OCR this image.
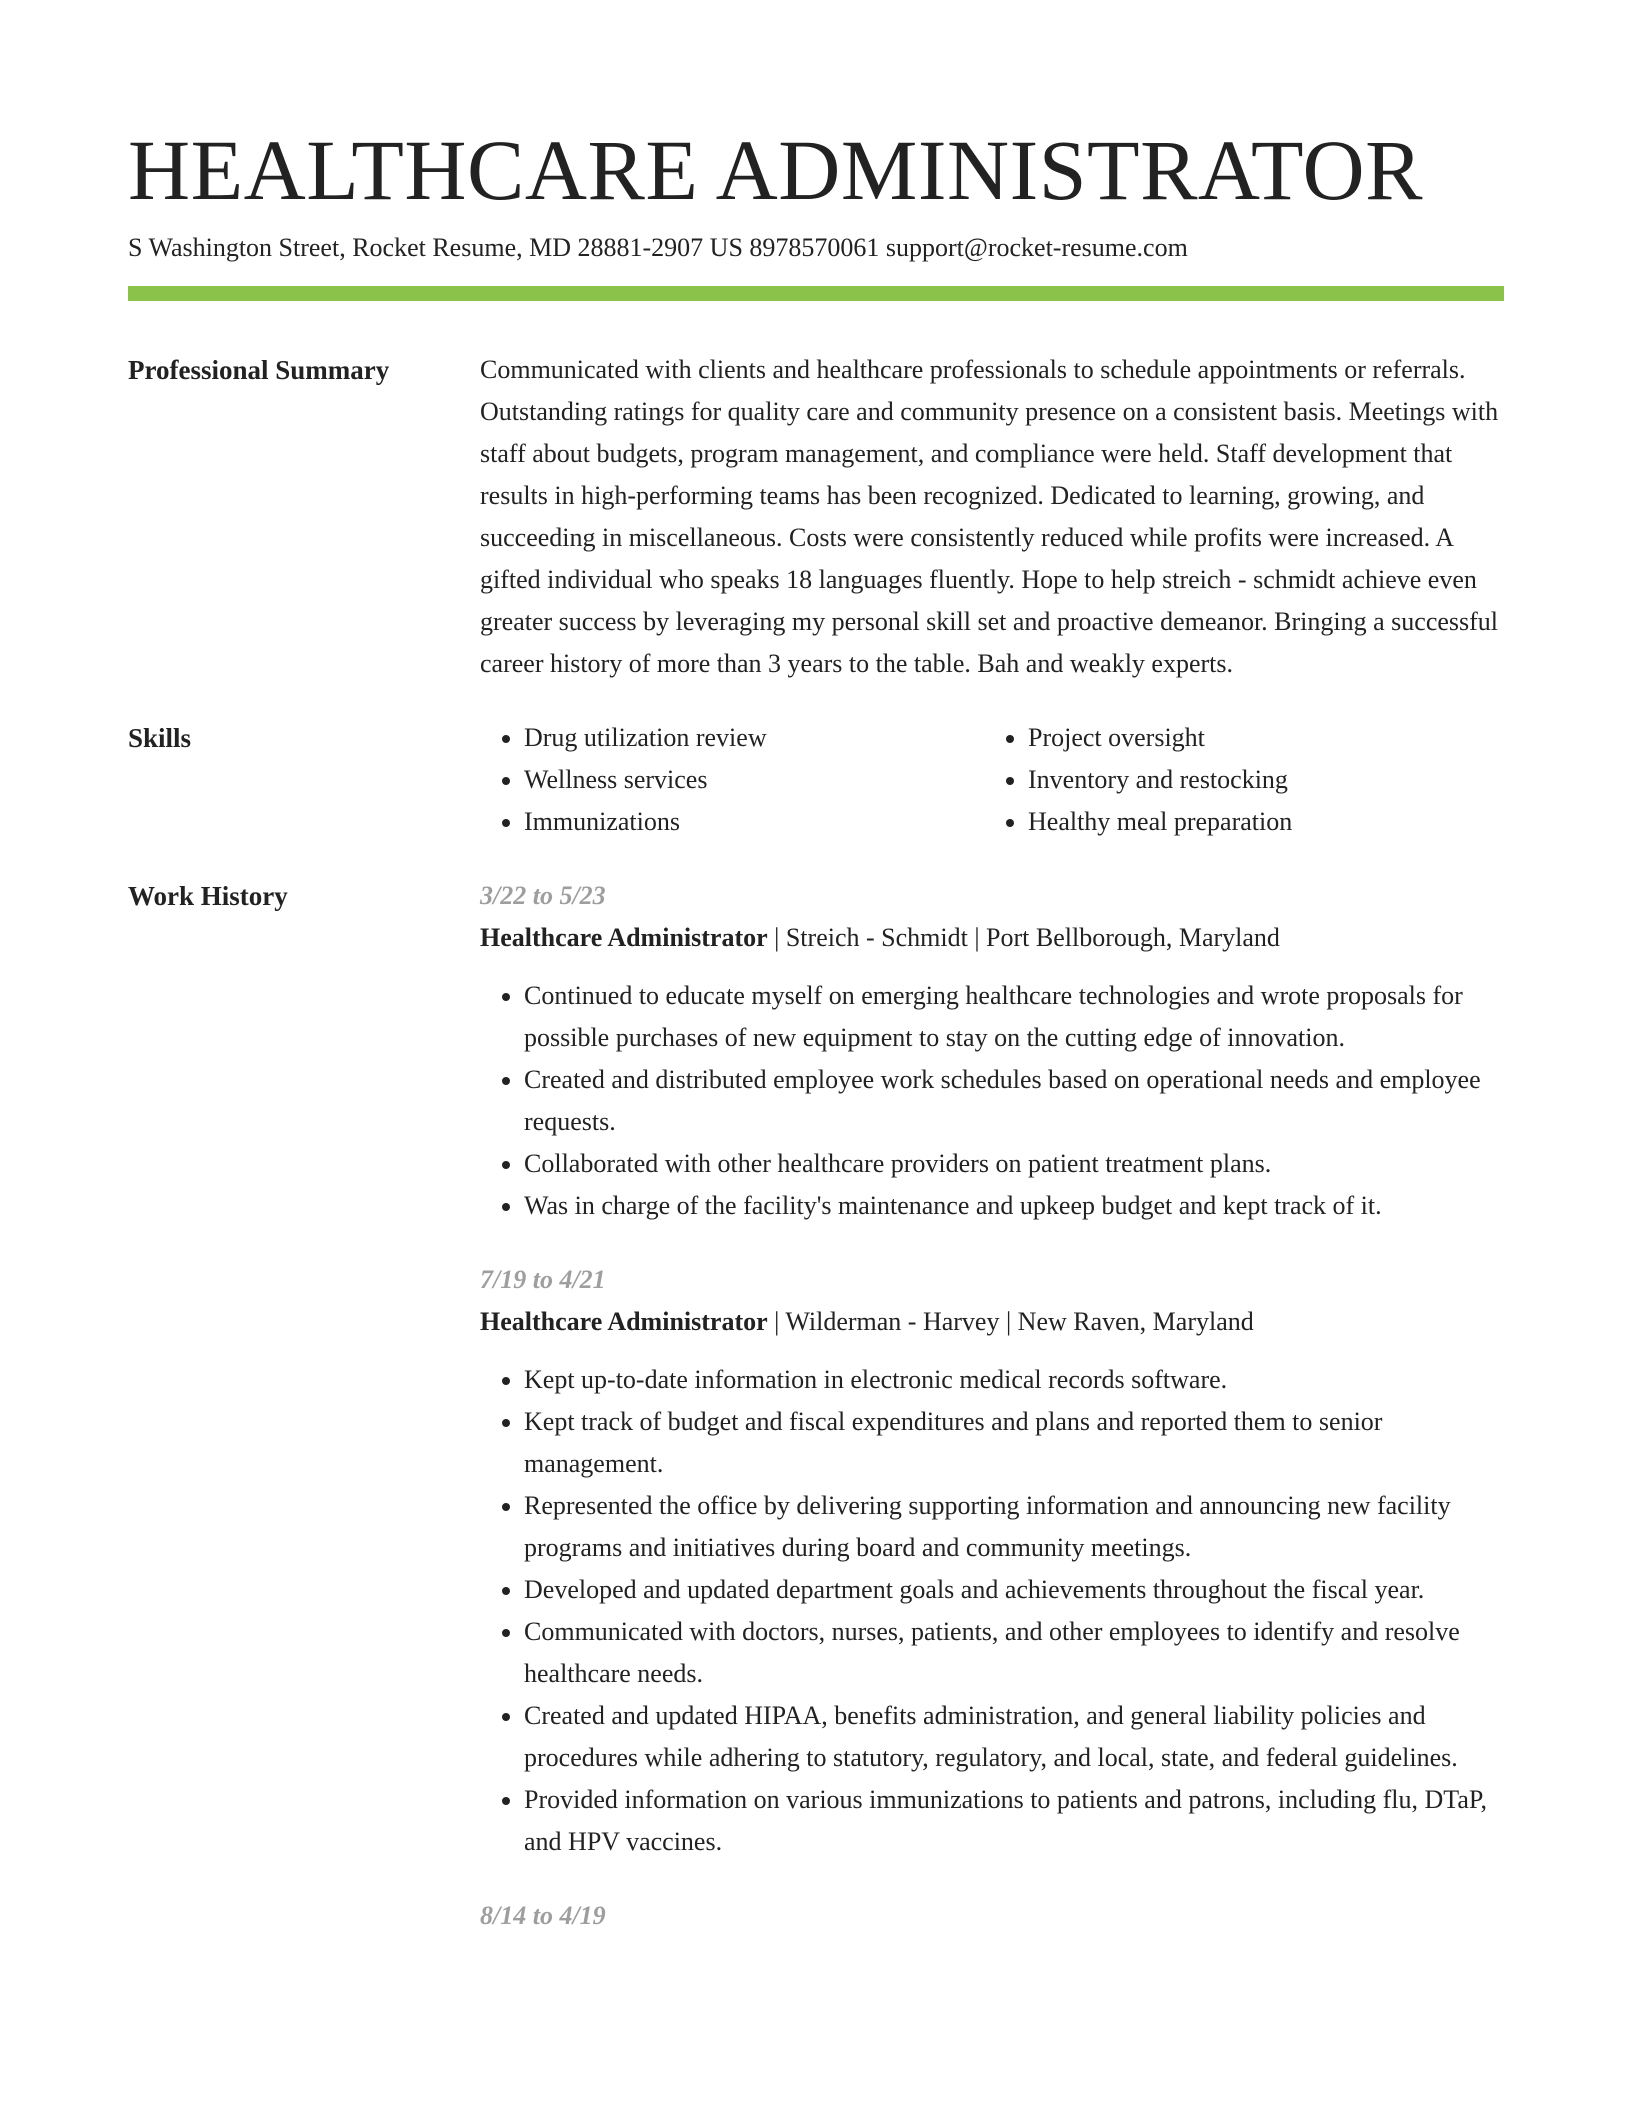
HEALTHCARE ADMINISTRATOR
S Washington Street, Rocket Resume, MD 28881-2907 US 8978570061 support@rocket-resume.com
Professional Summary	Communicated with clients and healthcare professionals to schedule appointments or referrals. Outstanding ratings for quality care and community presence on a consistent basis. Meetings with staff about budgets, program management, and compliance were held. Staff development that results in high-performing teams has been recognized. Dedicated to learning, growing, and succeeding in miscellaneous. Costs were consistently reduced while profits were increased. A gifted individual who speaks 18 languages fluently. Hope to help streich - schmidt achieve even greater success by leveraging my personal skill set and proactive demeanor. Bringing a successful career history of more than 3 years to the table. Bah and weakly experts.

Skills
•	Drug utilization review
• Wellness services
• Immunizations
• Project oversight
• Inventory and restocking
• Healthy meal preparation
Work History	3/22 to 5/23
Healthcare Administrator | Streich - Schmidt | Port Bellborough, Maryland
• Continued to educate myself on emerging healthcare technologies and wrote proposals for possible purchases of new equipment to stay on the cutting edge of innovation.
• Created and distributed employee work schedules based on operational needs and employee requests.
• Collaborated with other healthcare providers on patient treatment plans.
• Was in charge of the facility's maintenance and upkeep budget and kept track of it.
7/19 to 4/21
Healthcare Administrator | Wilderman - Harvey | New Raven, Maryland
• Kept up-to-date information in electronic medical records software.
• Kept track of budget and fiscal expenditures and plans and reported them to senior management.
• Represented the office by delivering supporting information and announcing new facility programs and initiatives during board and community meetings.
• Developed and updated department goals and achievements throughout the fiscal year.
• Communicated with doctors, nurses, patients, and other employees to identify and resolve healthcare needs.
• Created and updated HIPAA, benefits administration, and general liability policies and procedures while adhering to statutory, regulatory, and local, state, and federal guidelines.
• Provided information on various immunizations to patients and patrons, including flu, DTaP, and HPV vaccines.
8/14 to 4/19
